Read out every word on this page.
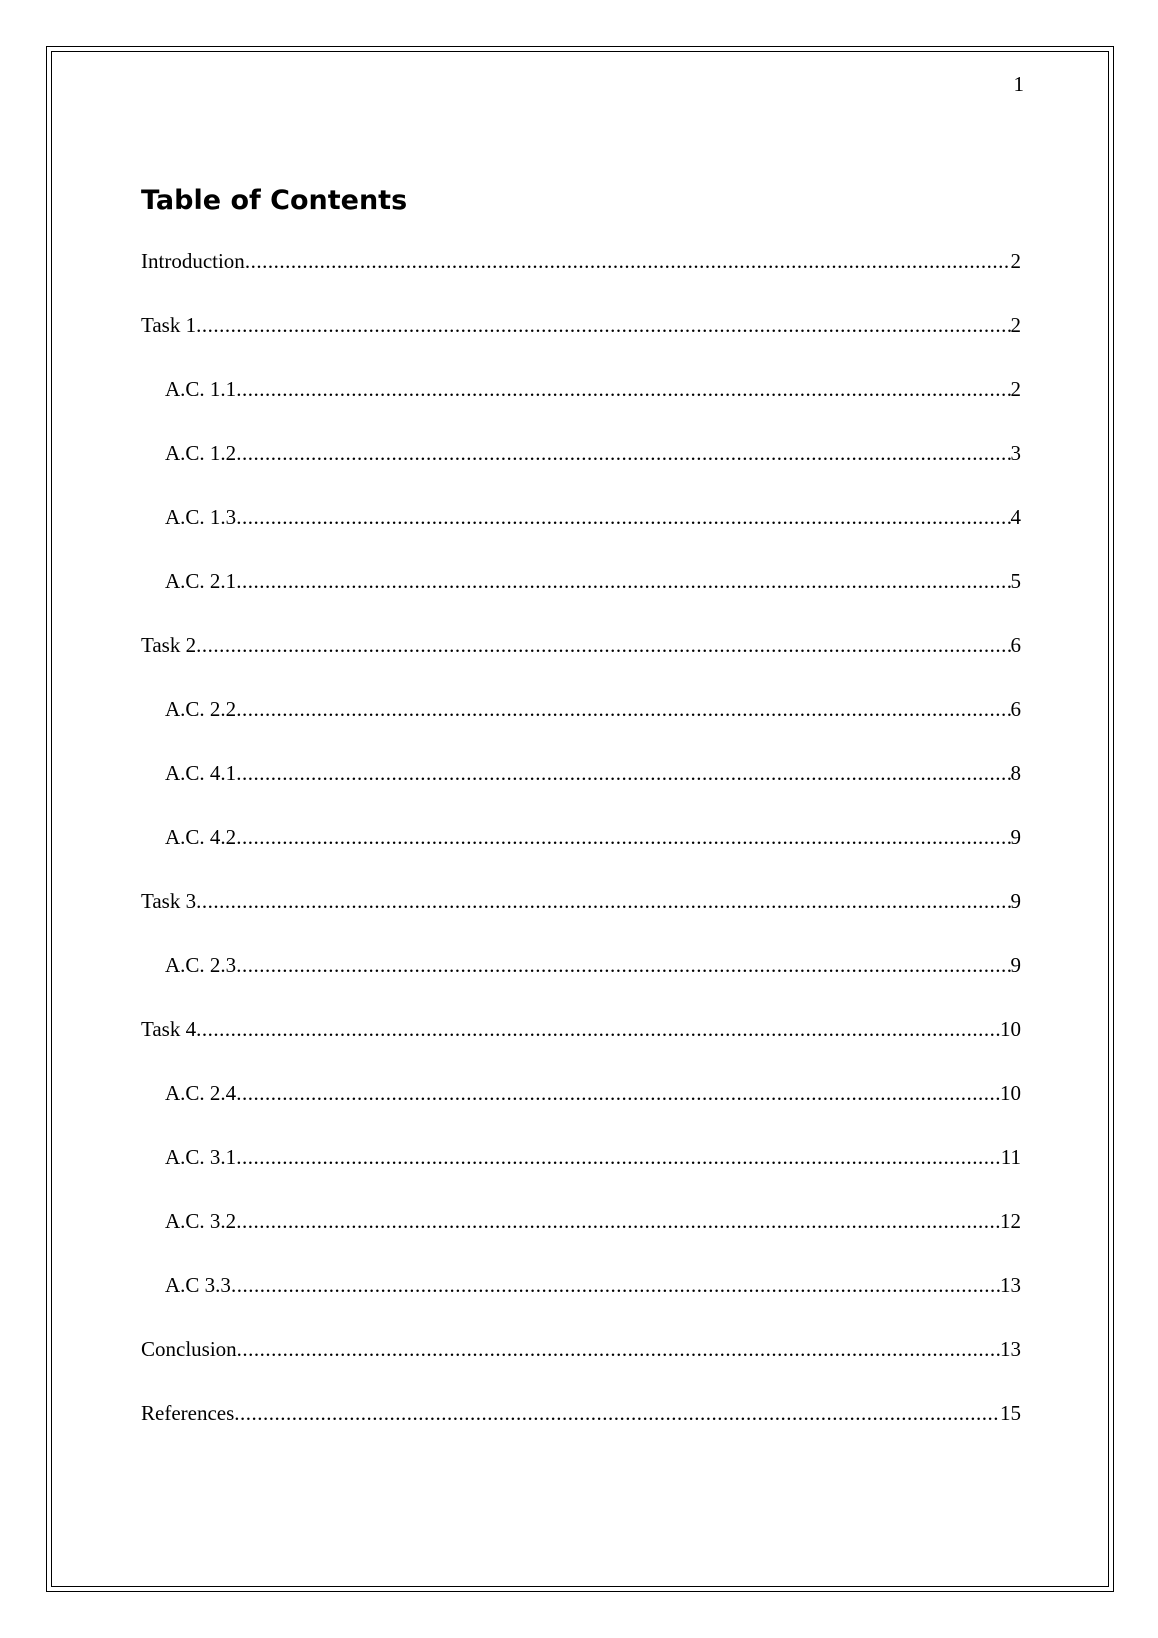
1
Table of Contents
Introduction .....	2
Task 1 .....	2
A.C. 1.1 .....	2
A.C. 1.2 .....	3
A.C. 1.3 .....	4
A.C. 2.1 .....	5
Task 2 .....	6
A.C. 2.2 .....	6
A.C. 4.1 .....	8
A.C. 4.2 .....	9
Task 3 .....	9
A.C. 2.3 .....	9
Task 4 .....	10
A.C. 2.4 .....	10
A.C. 3.1 .....	11
A.C. 3.2 .....	12
A.C 3.3 .....	13
Conclusion .....	13
References .....	15
